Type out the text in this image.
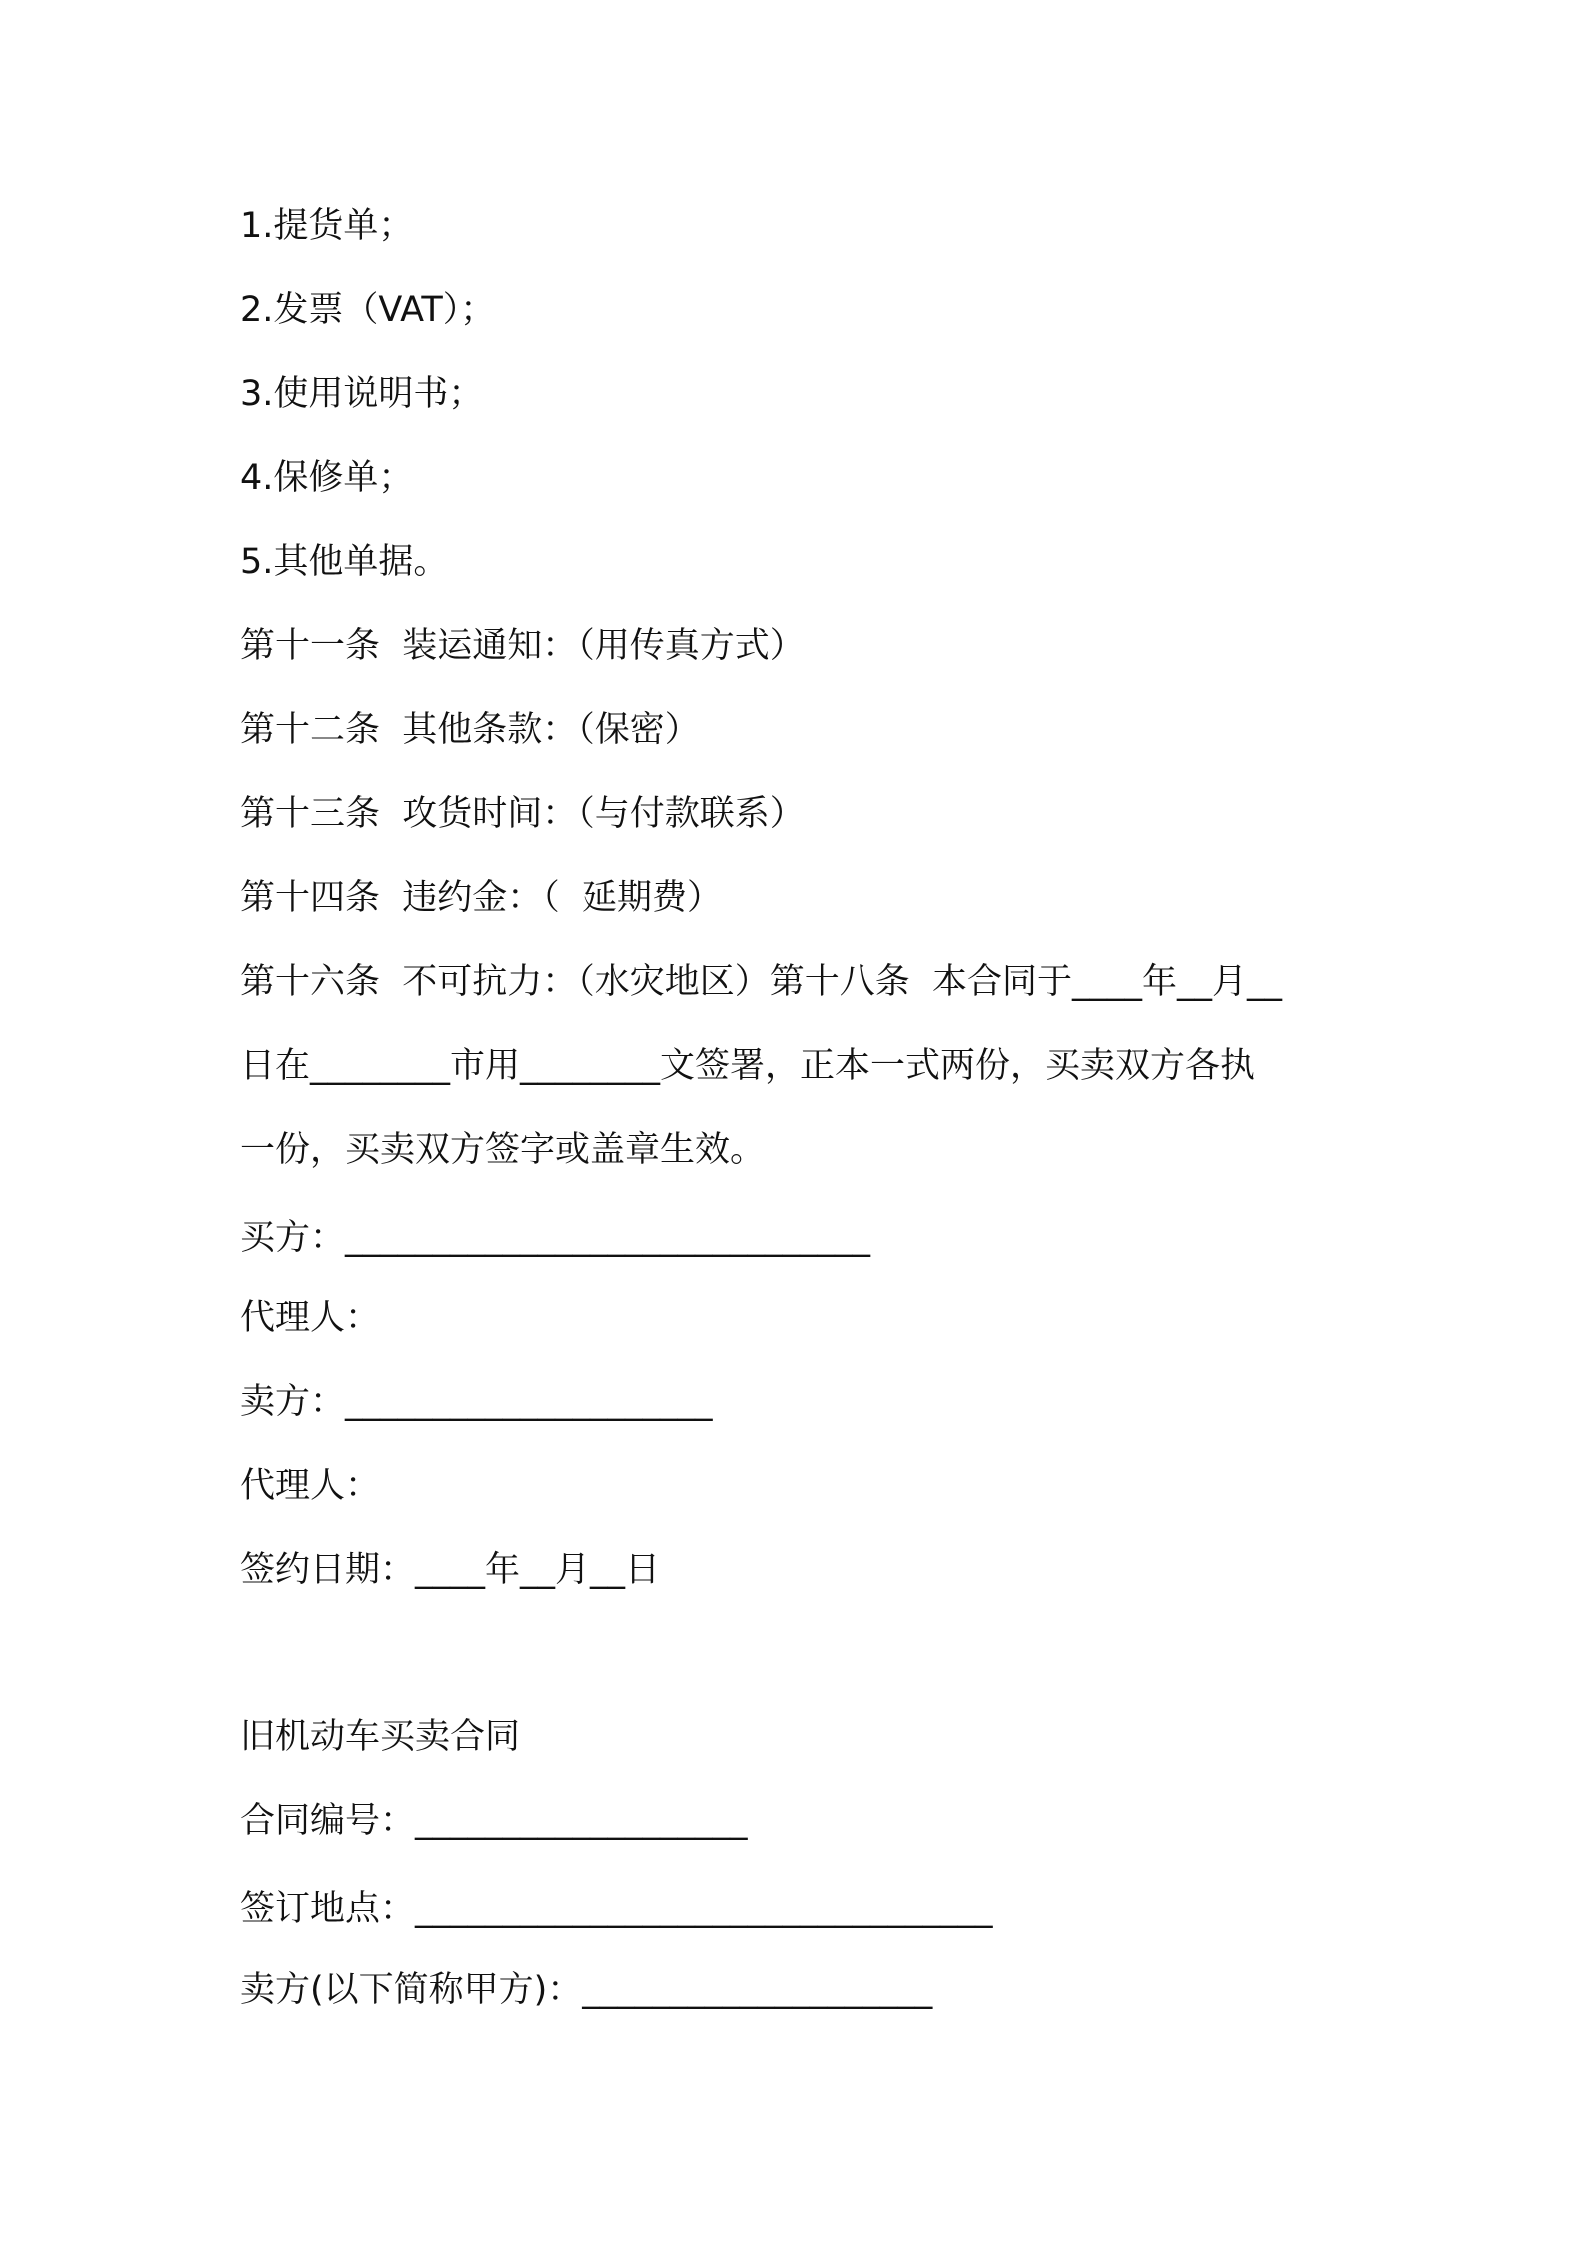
1.提货单；
2.发票（VAT）；
3.使用说明书；
4.保修单；
5.其他单据。
第十一条  装运通知：（用传真方式）
第十二条  其他条款：（保密）
第十三条  攻货时间：（与付款联系）
第十四条  违约金：（  延期费）
第十六条  不可抗力：（水灾地区）第十八条  本合同于____年__月__
日在________市用________文签署，正本一式两份，买卖双方各执
一份，买卖双方签字或盖章生效。
买方：______________________________
代理人：
卖方：_____________________
代理人：
签约日期：____年__月__日
旧机动车买卖合同
合同编号：___________________
签订地点：_________________________________
卖方(以下简称甲方)：____________________
